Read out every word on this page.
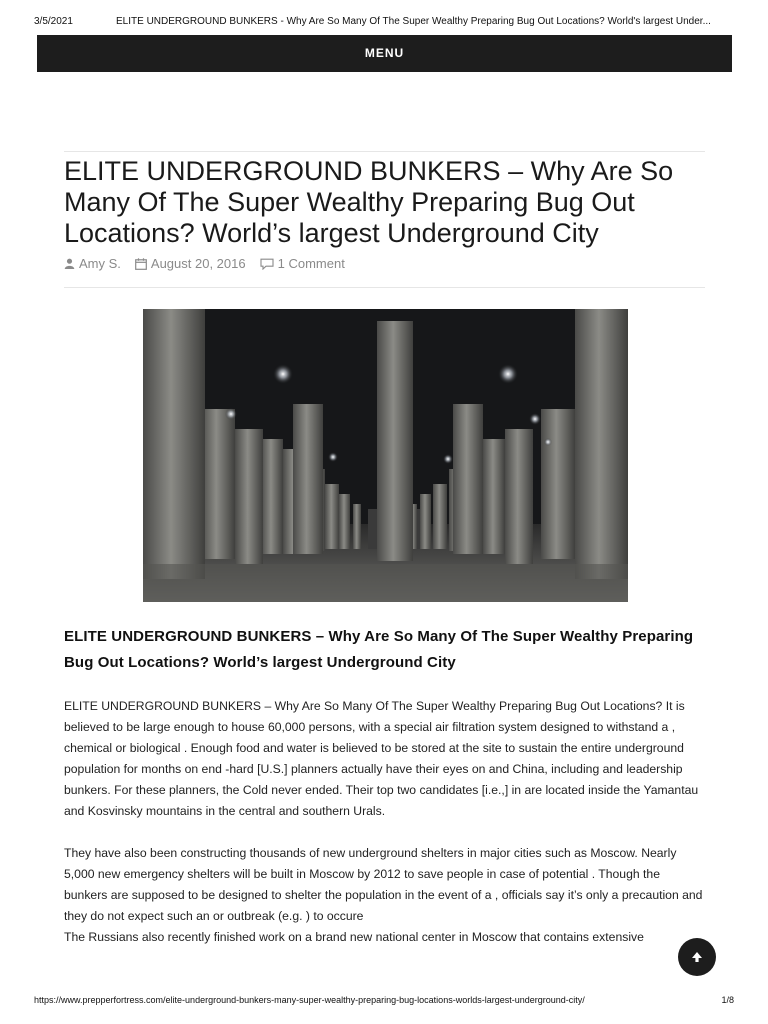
3/5/2021	ELITE UNDERGROUND BUNKERS - Why Are So Many Of The Super Wealthy Preparing Bug Out Locations? World's largest Under...
MENU
ELITE UNDERGROUND BUNKERS – Why Are So Many Of The Super Wealthy Preparing Bug Out Locations? World’s largest Underground City
Amy S. August 20, 2016 1 Comment
ELITE UNDERGROUND BUNKERS – Why Are So Many Of The Super Wealthy Preparing Bug Out Locations? World’s largest Underground City

ELITE UNDERGROUND BUNKERS – Why Are So Many Of The Super Wealthy Preparing Bug Out Locations? It is believed to be large enough to house 60,000 persons, with a special air filtration system designed to withstand a , chemical or biological . Enough food and water is believed to be stored at the site to sustain the entire underground population for months on end -hard [U.S.] planners actually have their eyes on and China, including and leadership bunkers. For these planners, the Cold never ended. Their top two candidates [i.e.,] in are located inside the Yamantau and Kosvinsky mountains in the central and southern Urals.

They have also been constructing thousands of new underground shelters in major cities such as Moscow. Nearly 5,000 new emergency shelters will be built in Moscow by 2012 to save people in case of potential . Though the bunkers are supposed to be designed to shelter the population in the event of a , officials say it’s only a precaution and they do not expect such an or outbreak (e.g. ) to occure

The Russians also recently finished work on a brand new national center in Moscow that contains extensive

https://www.prepperfortress.com/elite-underground-bunkers-many-super-wealthy-preparing-bug-locations-worlds-largest-underground-city/	1/8
